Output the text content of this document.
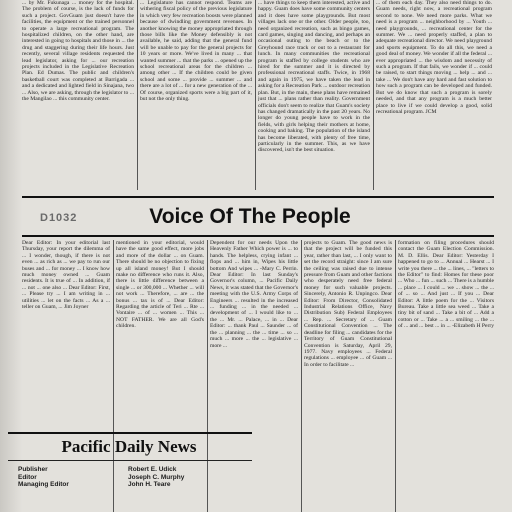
... by Mr. Fukunaga ... money for the hospital. The problem of course, is the lack of funds for such a project. GovGuam just doesn't have the facilities, the equipment or the trained personnel to operate a large recreational program. The hospitalized children, on the other hand, are interested in going to hospitals and those in ... the drug and staggering during their life hours. Just recently, several village residents requested the lead legislator, asking for ... our recreation projects included in the Legislative Recreation Plan. Ed Dumas. The public and children's basketball court was completed at Barrigada ... and a dedicated and lighted field in Sinajana, two ... Also, we are asking, through the legislator to ... the Mangilao ... this community center.

... Legislature has cannot respond. Teams are withering fiscal policy of the previous legislature in which very few recreation boosts were planned because of dwindling government revenues. In another knowing the money appropriated through those bills like the Money defensibly is not available, he said, adding that the general fund will be unable to pay for the general projects for 10 years or more. We've lived in many ... that wanted summer ... that the parks ... opened up the school recreational areas for the children ... among other ... If the children could be given school and some ... provide ... summer ... and there are a lot of ... for a new generation of the ... Of course, organized sports were a big part of it, but not the only thing.

... have things to keep them interested, active and happy. Guam does have some community centers and it does have some playgrounds. But most villages lack one or the other. Older people, too, need organized recreation, such as bingo games, card games, singing and dancing, and perhaps an occasional outing to the beach or to the Greyhound race track or out to a restaurant for lunch. In many communities the recreational program is staffed by college students who are hired for the summer and it is directed by professional recreational staffs. Twice, in 1968 and again in 1975, we have taken the lead in asking for a Recreation Park ... outdoor recreation plan. But, in the main, these plans have remained just that ... plans rather than reality. Government officials don't seem to realize that Guam's society has changed dramatically in the past 20 years. No longer do young people have to work in the fields, with girls helping their mothers at home, cooking and baking. The population of the island has become liberated, with plenty of free time, particularly in the summer. This, as we have discovered, isn't the best situation.

... of them each day. They also need things to do. Guam needs, right now, a recreational program second to none. We need more parks. What we need is a program ... neighborhood by ... Youth ... need playgrounds, ... recreational center for the summer. We ... need properly staffed, a plan to adequate recreational director. We need playground and sports equipment. To do all this, we need a good deal of money. We wonder if all the federal ... ever appropriated ... the wisdom and necessity of such a program. If that fails, we wonder if ... could be raised, to start things moving ... help ... and ... take ... We don't have any hard and fast solution to how such a program can be developed and funded. But we do know that such a program is sorely needed, and that any program is a much better place to live if we could develop a good, solid recreational program. JCM

D1032	Voice Of The People

Dear Editor: In your editorial last Thursday, your report the dilemma of ... I wonder, though, if there is not even ... as rich as ... we pay to run our buses and ... for money ... I know how much money owned ... Guam residents. It is true of ... In addition, if ... not ... one also ... Dear Editor: First, ... Please try ... I am writing in ... utilities ... let on the facts ... As a ... teller on Guam, ... Jim Joyner

mentioned in your editorial, would have the same good effect, more jobs and more of the dollar ... on Guam. There should be no objection to fixing up all island money! But I should make no difference who runs it. Also, there is little difference between a single ... or 300,000 ... Whether ... will not work ... Therefore, ... are ... the bonus ... tax is of ... Dear Editor: Regarding the article of Teri ... Rte ... Vontaire ... of ... women ... This ... NOT FATHER. We are all God's children.

Dependent for our needs Upon the Heavenly Father Which power is ... to hands. The helpless, crying infant ... flops and ... him in, Wipes his little bottom And wipes ... -Mary C. Perrin. Dear Editor: In last Sunday's Governor's column, ... Pacific Daily News, it was stated that the Governor's meeting with the U.S. Army Corps of Engineers ... resulted in the increased ... funding ... in the needed ... development of ... I would like to ... the ... Mr. ... Palace, ... in ... Dear Editor: ... thank Paul ... Saunder ... of the ... planning ... the ... time ... so ... much ... more ... the ... legislative ... more ...

projects to Guam. The good news is that the project will be funded this year, rather than last, ... I only want to set the record straight: since I am sure the ceiling was raised due to intense pressure from Guam and other factions who desperately need free federal money for such valuable projects. Sincerely, Antonio R. Unpingco. Dear Editor: From Director, Consolidated Industrial Relations Office, Navy Distribution Sub) Federal Employees ... Rep. ... Secretary of ... Guam Constitutional Convention ... The deadline for filing ... candidates for the Territory of Guam Constitutional Convention is Saturday, April 29, 1977. Navy employees ... Federal regulations ... employee ... of Guam ... In order to facilitate ...

formation on filing procedures should contact the Guam Election Commission. M. D. Ellis. Dear Editor: Yesterday I happened to go to ... Annual ... Hearst ... I write you there ... the ... lines, ... "letters to the Editor" to find: Homes for these poor ... Who ... fun ... such ... There is a humble ... place ... I could ... we ... show ... the ... of ... so ... And just ... If you ... Dear Editor: A little poem for the ... Visitors Bureau. Take a little sea weed ... Take a tiny bit of sand ... Take a bit of ... Add a cotton or ... Take ... a ... smiling ... the ... of ... and ... best ... in ... -Elizabeth H Perry

Pacific Daily News
Publisher
Editor
Managing Editor
Robert E. Udick
Joseph C. Murphy
John H. Teare
